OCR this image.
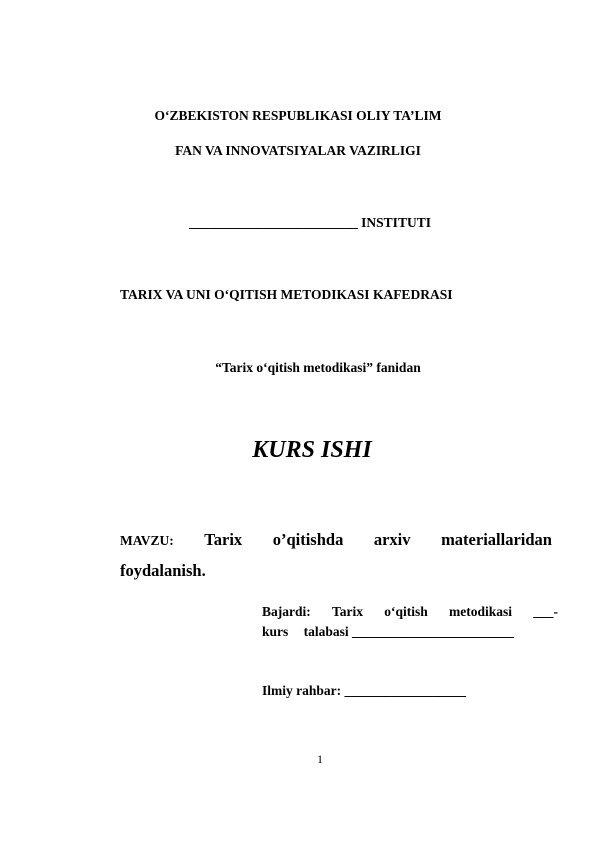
O‘ZBEKISTON RESPUBLIKASI OLIY TA’LIM
FAN VA INNOVATSIYALAR VAZIRLIGI
_________________________ INSTITUTI
TARIX VA UNI O‘QITISH METODIKASI KAFEDRASI
“Tarix o‘qitish metodikasi” fanidan
KURS ISHI
MAVZU: Tarix o’qitishda arxiv materiallaridan
foydalanish.
Bajardi: Tarix o‘qitish metodikasi ___-
kurs talabasi ________________________
Ilmiy rahbar: __________________
1
